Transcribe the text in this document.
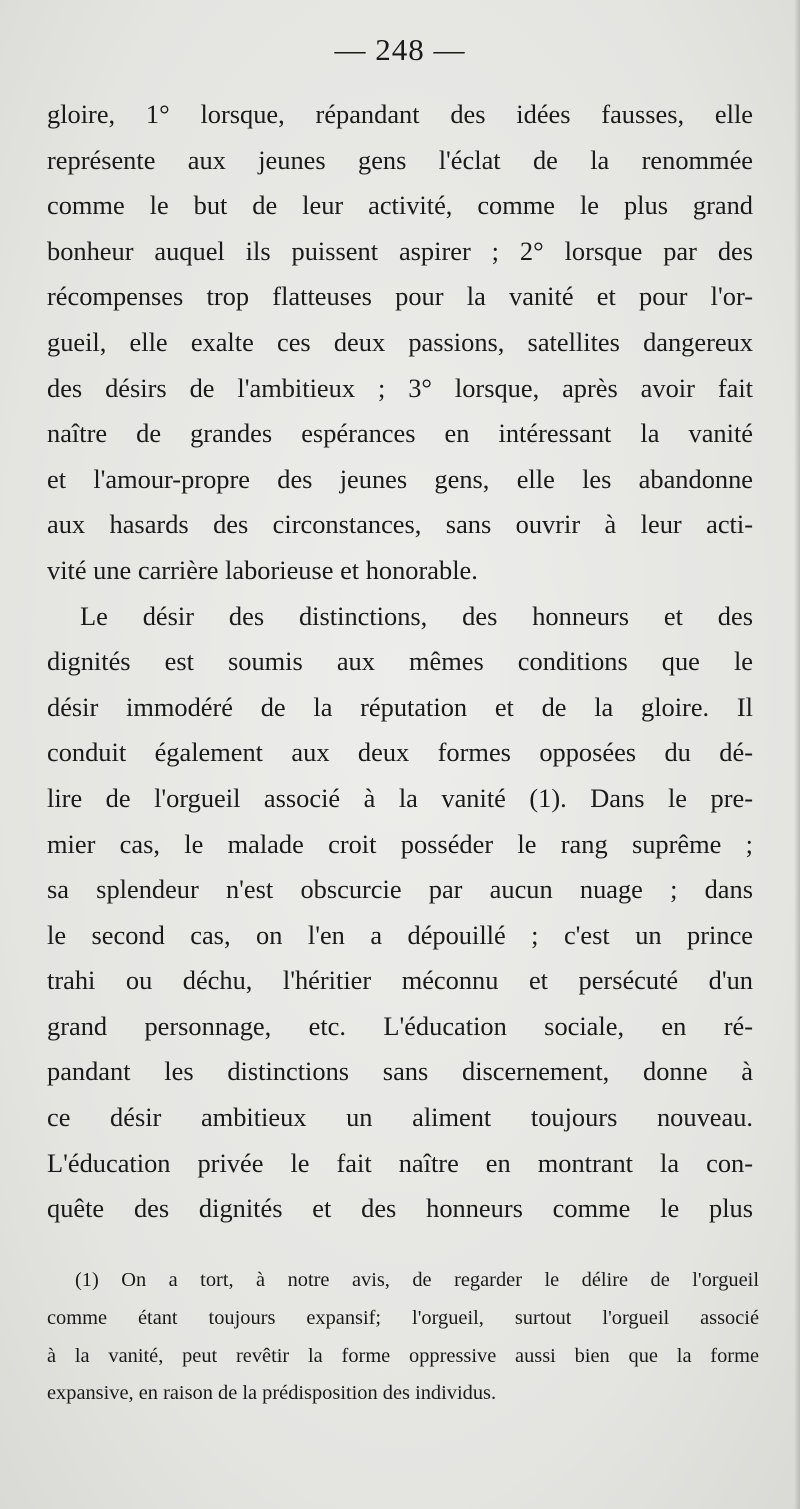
— 248 —
gloire, 1° lorsque, répandant des idées fausses, elle
représente aux jeunes gens l'éclat de la renommée
comme le but de leur activité, comme le plus grand
bonheur auquel ils puissent aspirer ; 2° lorsque par des
récompenses trop flatteuses pour la vanité et pour l'or-
gueil, elle exalte ces deux passions, satellites dangereux
des désirs de l'ambitieux ; 3° lorsque, après avoir fait
naître de grandes espérances en intéressant la vanité
et l'amour-propre des jeunes gens, elle les abandonne
aux hasards des circonstances, sans ouvrir à leur acti-
vité une carrière laborieuse et honorable.
Le désir des distinctions, des honneurs et des
dignités est soumis aux mêmes conditions que le
désir immodéré de la réputation et de la gloire. Il
conduit également aux deux formes opposées du dé-
lire de l'orgueil associé à la vanité (1). Dans le pre-
mier cas, le malade croit posséder le rang suprême ;
sa splendeur n'est obscurcie par aucun nuage ; dans
le second cas, on l'en a dépouillé ; c'est un prince
trahi ou déchu, l'héritier méconnu et persécuté d'un
grand personnage, etc. L'éducation sociale, en ré-
pandant les distinctions sans discernement, donne à
ce désir ambitieux un aliment toujours nouveau.
L'éducation privée le fait naître en montrant la con-
quête des dignités et des honneurs comme le plus
(1) On a tort, à notre avis, de regarder le délire de l'orgueil
comme étant toujours expansif; l'orgueil, surtout l'orgueil associé
à la vanité, peut revêtir la forme oppressive aussi bien que la forme
expansive, en raison de la prédisposition des individus.
